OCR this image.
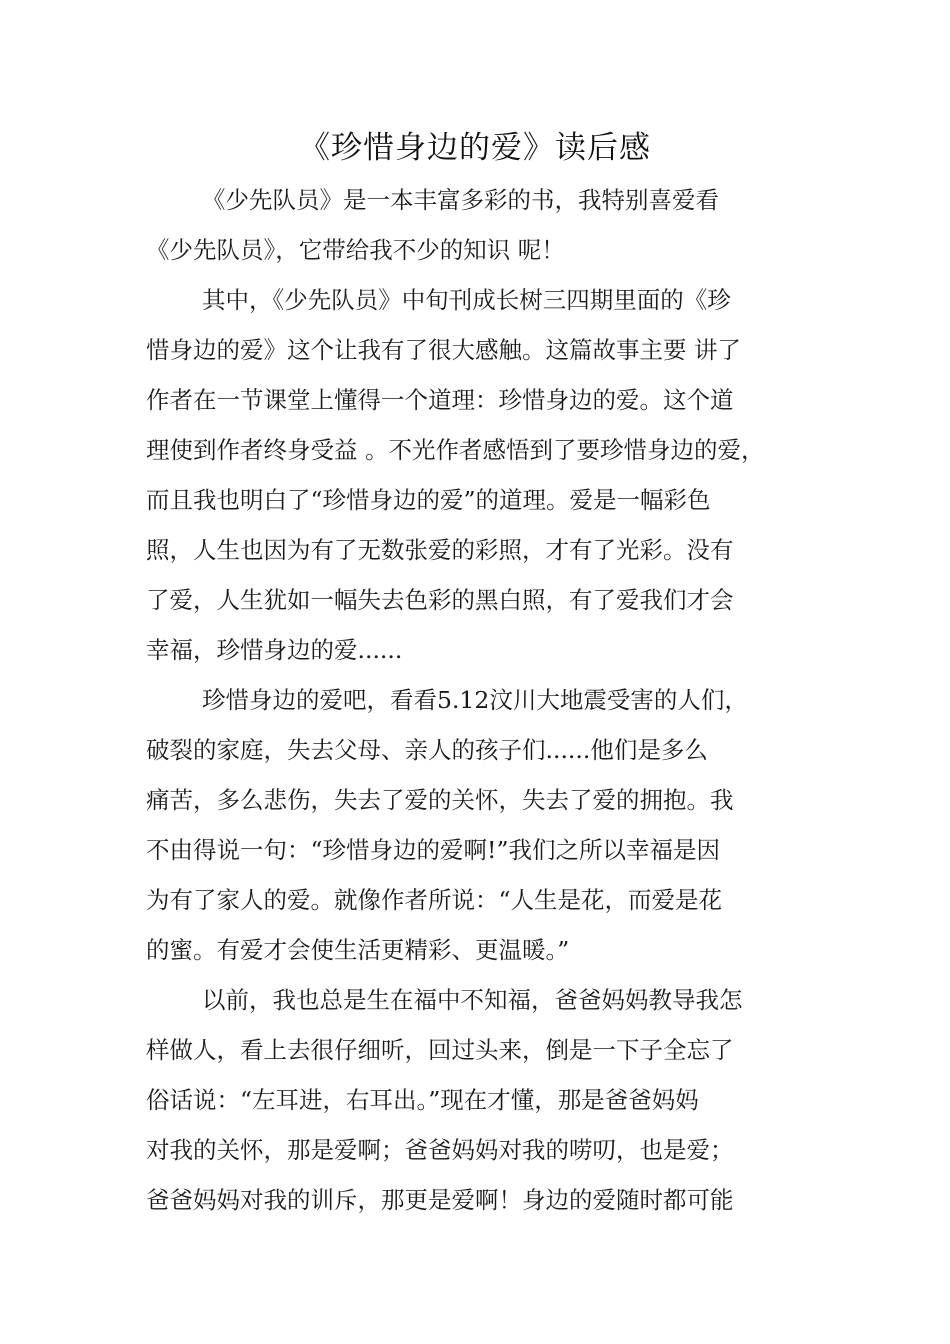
《珍惜身边的爱》读后感
《少先队员》是一本丰富多彩的书，我特别喜爱看
《少先队员》，它带给我不少的知识 呢！
其中，《少先队员》中旬刊成长树三四期里面的《珍
惜身边的爱》这个让我有了很大感触。这篇故事主要 讲了
作者在一节课堂上懂得一个道理：珍惜身边的爱。这个道
理使到作者终身受益 。不光作者感悟到了要珍惜身边的爱，
而且我也明白了“珍惜身边的爱”的道理。爱是一幅彩色
照，人生也因为有了无数张爱的彩照，才有了光彩。没有
了爱，人生犹如一幅失去色彩的黑白照，有了爱我们才会
幸福，珍惜身边的爱......
珍惜身边的爱吧，看看5.12汶川大地震受害的人们，
破裂的家庭，失去父母、亲人的孩子们......他们是多么
痛苦，多么悲伤，失去了爱的关怀，失去了爱的拥抱。我
不由得说一句：“珍惜身边的爱啊!”我们之所以幸福是因
为有了家人的爱。就像作者所说：“人生是花，而爱是花
的蜜。有爱才会使生活更精彩、更温暖。”
以前，我也总是生在福中不知福，爸爸妈妈教导我怎
样做人，看上去很仔细听，回过头来，倒是一下子全忘了
俗话说：“左耳进，右耳出。”现在才懂，那是爸爸妈妈
对我的关怀，那是爱啊；爸爸妈妈对我的唠叨，也是爱；
爸爸妈妈对我的训斥，那更是爱啊！身边的爱随时都可能
